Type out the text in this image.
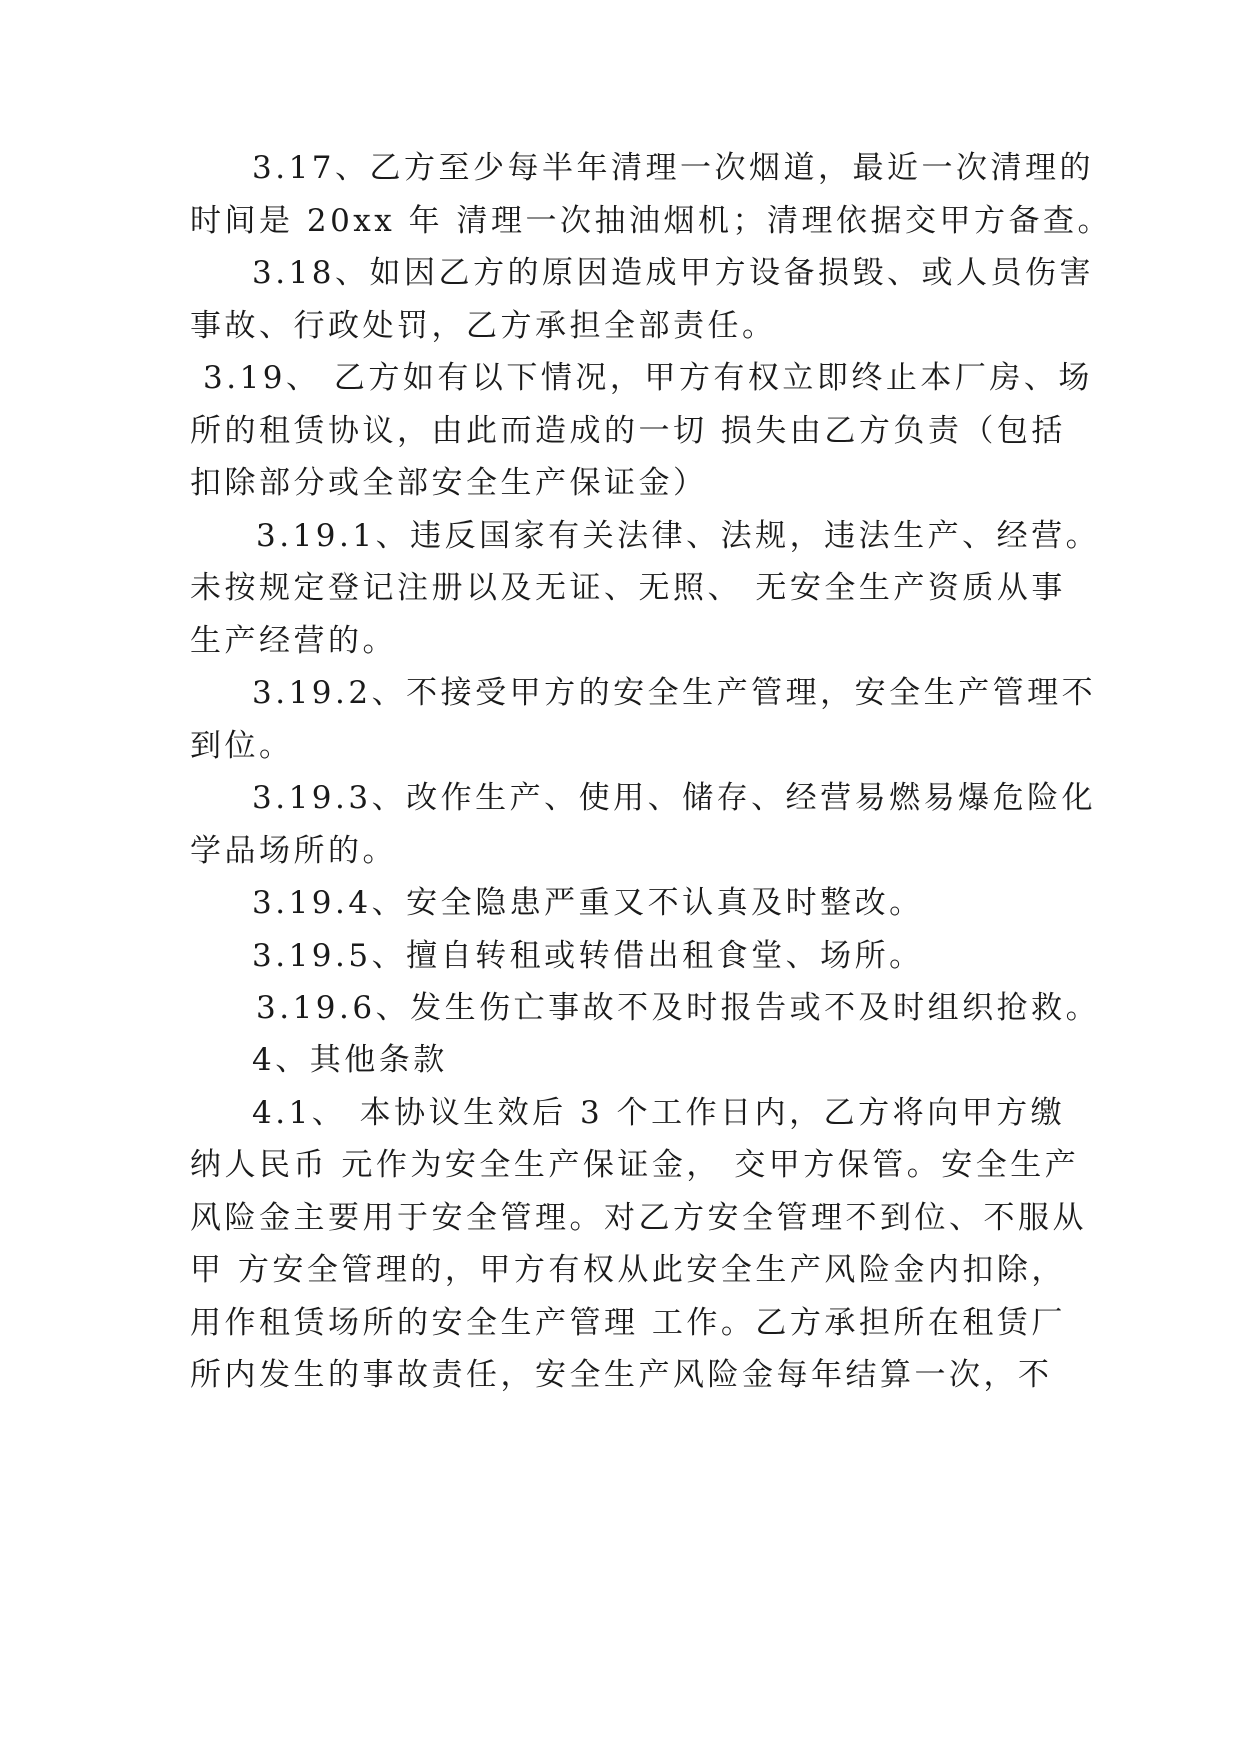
3.17、乙方至少每半年清理一次烟道，最近一次清理的
时间是 20xx 年 清理一次抽油烟机；清理依据交甲方备查。
3.18、如因乙方的原因造成甲方设备损毁、或人员伤害
事故、行政处罚，乙方承担全部责任。
3.19、 乙方如有以下情况，甲方有权立即终止本厂房、场
所的租赁协议，由此而造成的一切 损失由乙方负责（包括
扣除部分或全部安全生产保证金）
3.19.1、违反国家有关法律、法规，违法生产、经营。
未按规定登记注册以及无证、无照、 无安全生产资质从事
生产经营的。
3.19.2、不接受甲方的安全生产管理，安全生产管理不
到位。
3.19.3、改作生产、使用、储存、经营易燃易爆危险化
学品场所的。
3.19.4、安全隐患严重又不认真及时整改。
3.19.5、擅自转租或转借出租食堂、场所。
3.19.6、发生伤亡事故不及时报告或不及时组织抢救。
4、其他条款
4.1、 本协议生效后 3 个工作日内，乙方将向甲方缴
纳人民币 元作为安全生产保证金， 交甲方保管。安全生产
风险金主要用于安全管理。对乙方安全管理不到位、不服从
甲 方安全管理的，甲方有权从此安全生产风险金内扣除，
用作租赁场所的安全生产管理 工作。乙方承担所在租赁厂
所内发生的事故责任，安全生产风险金每年结算一次，不
